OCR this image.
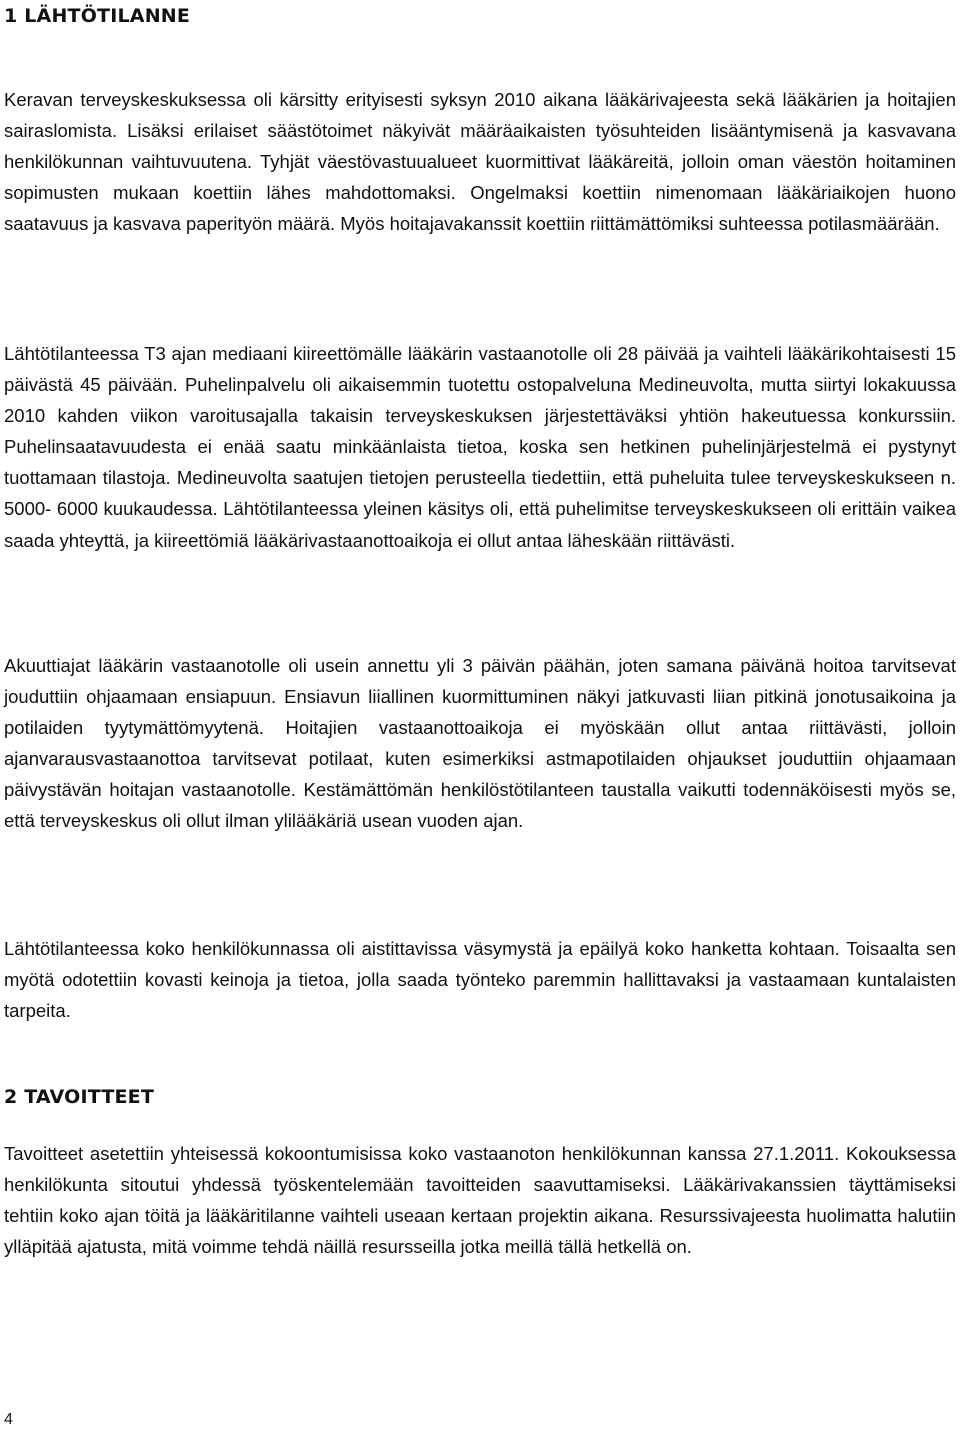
1 LÄHTÖTILANNE

Keravan terveyskeskuksessa oli kärsitty erityisesti syksyn 2010 aikana lääkärivajeesta sekä lääkärien ja hoitajien sairaslomista. Lisäksi erilaiset säästötoimet näkyivät määräaikaisten työsuhteiden lisääntymisenä ja kasvavana henkilökunnan vaihtuvuutena. Tyhjät väestövastuualueet kuormittivat lääkäreitä, jolloin oman väestön hoitaminen sopimusten mukaan koettiin lähes mahdottomaksi. Ongelmaksi koettiin nimenomaan lääkäriaikojen huono saatavuus ja kasvava paperityön määrä. Myös hoitajavakanssit koettiin riittämättömiksi suhteessa potilasmäärään.

Lähtötilanteessa T3 ajan mediaani kiireettömälle lääkärin vastaanotolle oli 28 päivää ja vaihteli lääkärikohtaisesti 15 päivästä 45 päivään. Puhelinpalvelu oli aikaisemmin tuotettu ostopalveluna Medineuvolta, mutta siirtyi lokakuussa 2010 kahden viikon varoitusajalla takaisin terveyskeskuksen järjestettäväksi yhtiön hakeutuessa konkurssiin. Puhelinsaatavuudesta ei enää saatu minkäänlaista tietoa, koska sen hetkinen puhelinjärjestelmä ei pystynyt tuottamaan tilastoja. Medineuvolta saatujen tietojen perusteella tiedettiin, että puheluita tulee terveyskeskukseen n. 5000- 6000 kuukaudessa. Lähtötilanteessa yleinen käsitys oli, että puhelimitse terveyskeskukseen oli erittäin vaikea saada yhteyttä, ja kiireettömiä lääkärivastaanottoaikoja ei ollut antaa läheskään riittävästi.

Akuuttiajat lääkärin vastaanotolle oli usein annettu yli 3 päivän päähän, joten samana päivänä hoitoa tarvitsevat jouduttiin ohjaamaan ensiapuun. Ensiavun liiallinen kuormittuminen näkyi jatkuvasti liian pitkinä jonotusaikoina ja potilaiden tyytymättömyytenä. Hoitajien vastaanottoaikoja ei myöskään ollut antaa riittävästi, jolloin ajanvarausvastaanottoa tarvitsevat potilaat, kuten esimerkiksi astmapotilaiden ohjaukset jouduttiin ohjaamaan päivystävän hoitajan vastaanotolle. Kestämättömän henkilöstötilanteen taustalla vaikutti todennäköisesti myös se, että terveyskeskus oli ollut ilman ylilääkäriä usean vuoden ajan.

Lähtötilanteessa koko henkilökunnassa oli aistittavissa väsymystä ja epäilyä koko hanketta kohtaan. Toisaalta sen myötä odotettiin kovasti keinoja ja tietoa, jolla saada työnteko paremmin hallittavaksi ja vastaamaan kuntalaisten tarpeita.

2 TAVOITTEET

Tavoitteet asetettiin yhteisessä kokoontumisissa koko vastaanoton henkilökunnan kanssa 27.1.2011. Kokouksessa henkilökunta sitoutui yhdessä työskentelemään tavoitteiden saavuttamiseksi. Lääkärivakanssien täyttämiseksi tehtiin koko ajan töitä ja lääkäritilanne vaihteli useaan kertaan projektin aikana. Resurssivajeesta huolimatta halutiin ylläpitää ajatusta, mitä voimme tehdä näillä resursseilla jotka meillä tällä hetkellä on.

4
